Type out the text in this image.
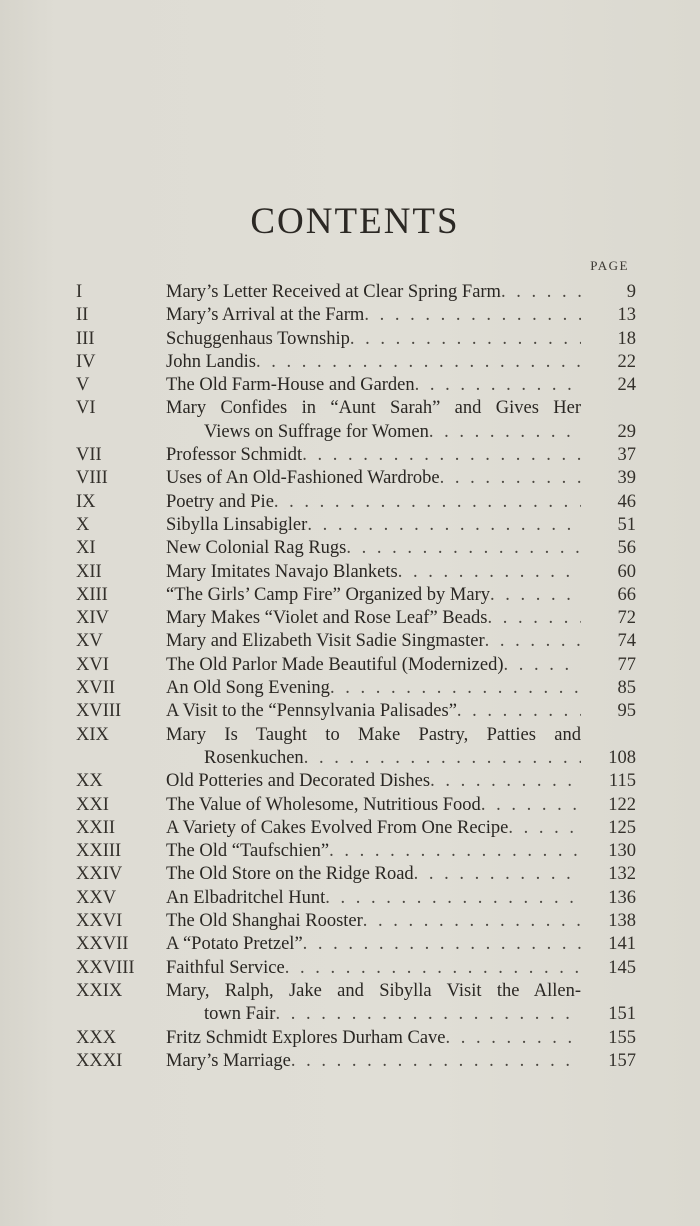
CONTENTS
PAGE
I	Mary’s Letter Received at Clear Spring Farm . . .	9
II	Mary’s Arrival at the Farm . . .	13
III	Schuggenhaus Township . . .	18
IV	John Landis . . .	22
V	The Old Farm-House and Garden . . .	24
VI	Mary Confides in “Aunt Sarah” and Gives Her
Views on Suffrage for Women . . .	29
VII	Professor Schmidt . . .	37
VIII	Uses of An Old-Fashioned Wardrobe . . .	39
IX	Poetry and Pie . . .	46
X	Sibylla Linsabigler . . .	51
XI	New Colonial Rag Rugs . . .	56
XII	Mary Imitates Navajo Blankets . . .	60
XIII	“The Girls’ Camp Fire” Organized by Mary . . .	66
XIV	Mary Makes “Violet and Rose Leaf” Beads . . .	72
XV	Mary and Elizabeth Visit Sadie Singmaster . . .	74
XVI	The Old Parlor Made Beautiful (Modernized) . . .	77
XVII	An Old Song Evening . . .	85
XVIII	A Visit to the “Pennsylvania Palisades” . . .	95
XIX	Mary Is Taught to Make Pastry, Patties and
Rosenkuchen . . .	108
XX	Old Potteries and Decorated Dishes . . .	115
XXI	The Value of Wholesome, Nutritious Food . . .	122
XXII	A Variety of Cakes Evolved From One Recipe . . .	125
XXIII	The Old “Taufschien” . . .	130
XXIV	The Old Store on the Ridge Road . . .	132
XXV	An Elbadritchel Hunt . . .	136
XXVI	The Old Shanghai Rooster . . .	138
XXVII	A “Potato Pretzel” . . .	141
XXVIII	Faithful Service . . .	145
XXIX	Mary, Ralph, Jake and Sibylla Visit the Allen-
town Fair . . .	151
XXX	Fritz Schmidt Explores Durham Cave . . .	155
XXXI	Mary’s Marriage . . .	157
